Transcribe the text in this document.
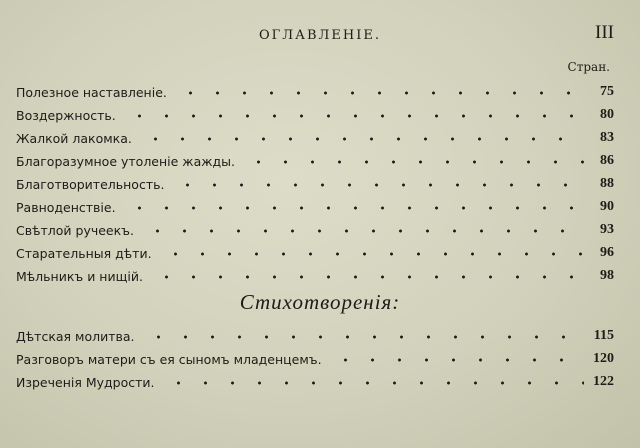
ОГЛАВЛЕНІЕ.	III
Стран.
Полезное наставленіе.	75
Воздержность.	80
Жалкой лакомка.	83
Благоразумное утоленіе жажды.	86
Благотворительность.	88
Равноденствіе.	90
Свѣтлой ручеекъ.	93
Старательныя дѣти.	96
Мѣльникъ и нищій.	98
Стихотворенія:
Дѣтская молитва.	115
Разговоръ матери съ ея сыномъ младенцемъ.	120
Изреченія Мудрости.	122
